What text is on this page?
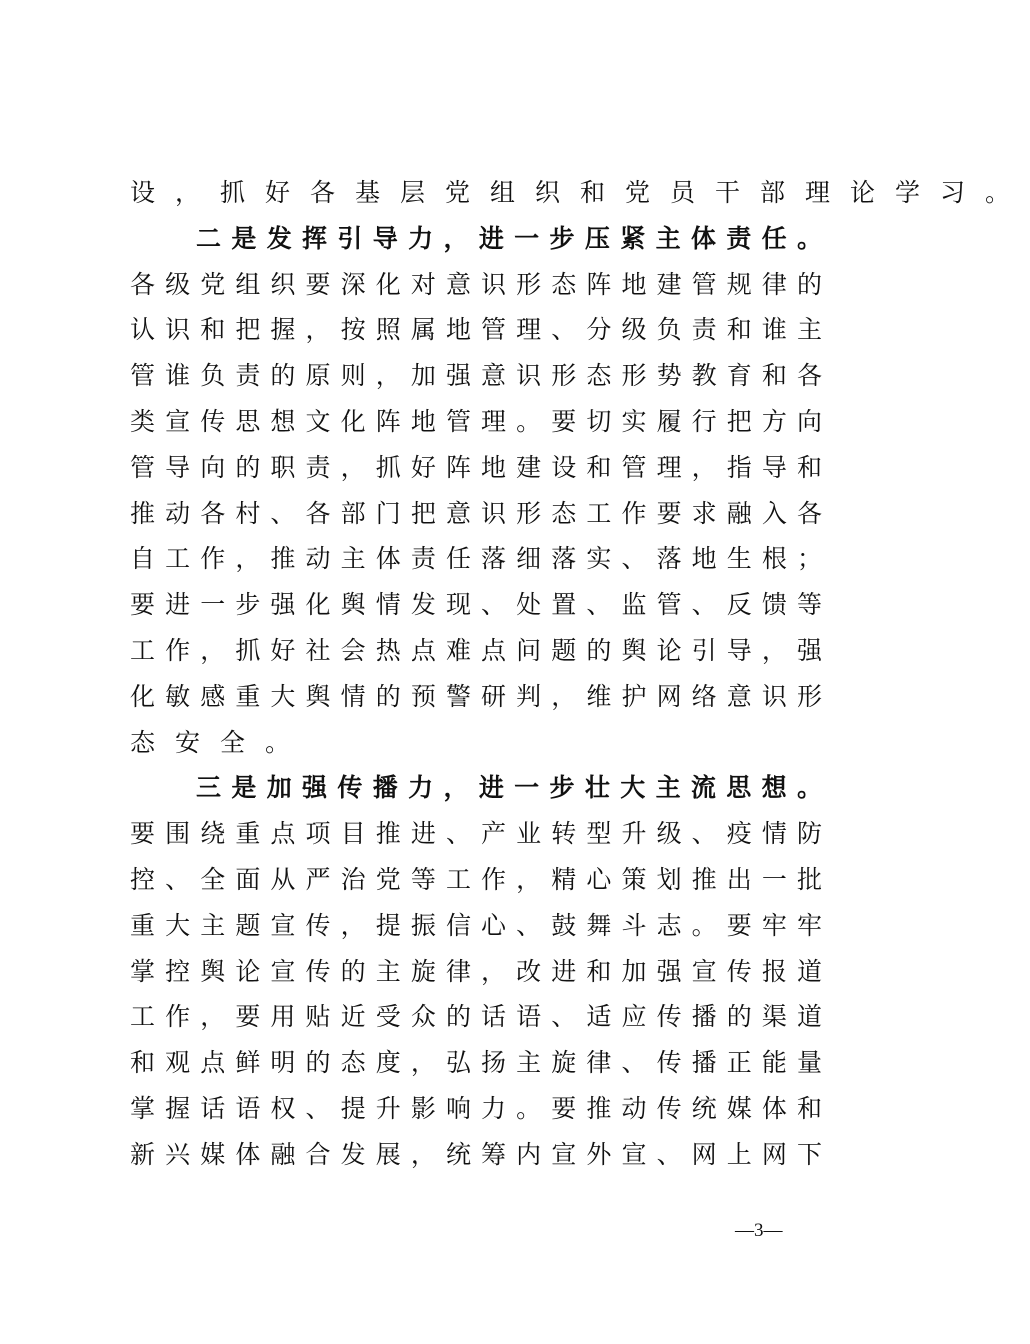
设，抓好各基层党组织和党员干部理论学习。
二是发挥引导力，进一步压紧主体责任。
各级党组织要深化对意识形态阵地建管规律的
认识和把握，按照属地管理、分级负责和谁主
管谁负责的原则，加强意识形态形势教育和各
类宣传思想文化阵地管理。要切实履行把方向
管导向的职责，抓好阵地建设和管理，指导和
推动各村、各部门把意识形态工作要求融入各
自工作，推动主体责任落细落实、落地生根；
要进一步强化舆情发现、处置、监管、反馈等
工作，抓好社会热点难点问题的舆论引导，强
化敏感重大舆情的预警研判，维护网络意识形
态安全。
三是加强传播力，进一步壮大主流思想。
要围绕重点项目推进、产业转型升级、疫情防
控、全面从严治党等工作，精心策划推出一批
重大主题宣传，提振信心、鼓舞斗志。要牢牢
掌控舆论宣传的主旋律，改进和加强宣传报道
工作，要用贴近受众的话语、适应传播的渠道
和观点鲜明的态度，弘扬主旋律、传播正能量
掌握话语权、提升影响力。要推动传统媒体和
新兴媒体融合发展，统筹内宣外宣、网上网下
—3—
